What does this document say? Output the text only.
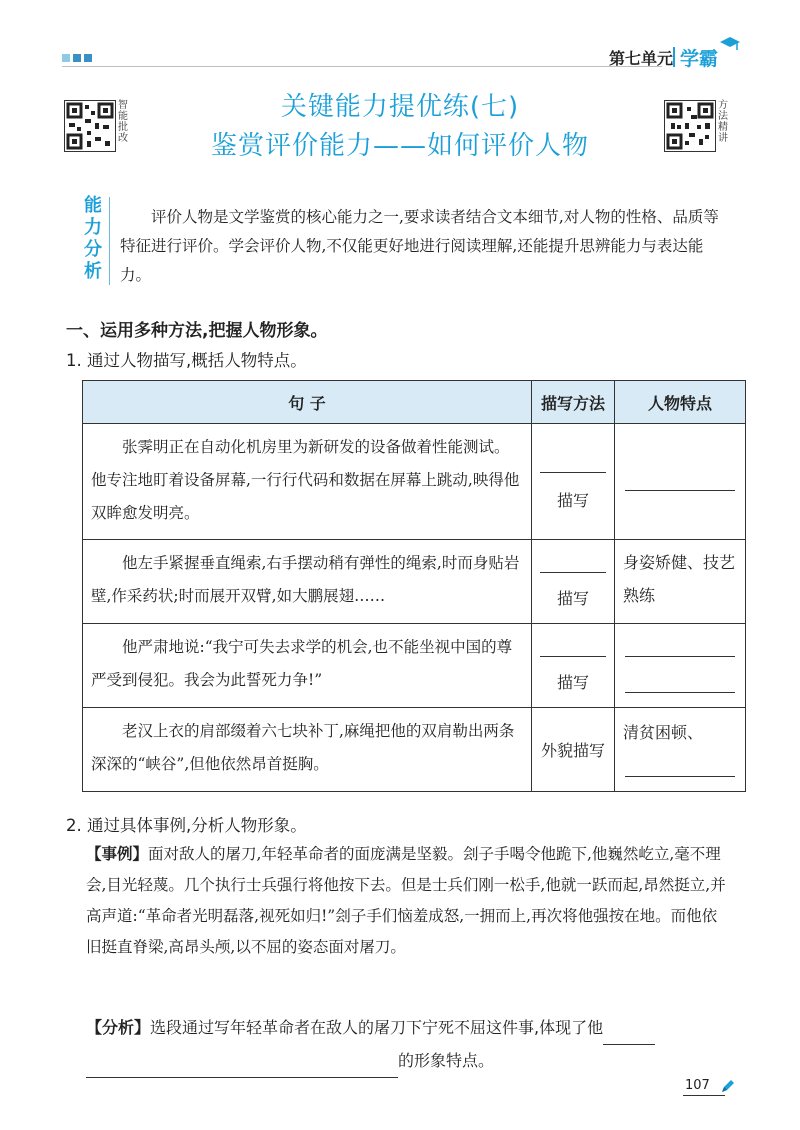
第七单元 学霸
智能批改
方法精讲
关键能力提优练(七)
鉴赏评价能力——如何评价人物
能力分析
评价人物是文学鉴赏的核心能力之一,要求读者结合文本细节,对人物的性格、品质等特征进行评价。学会评价人物,不仅能更好地进行阅读理解,还能提升思辨能力与表达能力。
一、运用多种方法,把握人物形象。
1. 通过人物描写,概括人物特点。
句 子	描写方法	人物特点
张霁明正在自动化机房里为新研发的设备做着性能测试。他专注地盯着设备屏幕,一行行代码和数据在屏幕上跳动,映得他双眸愈发明亮。	描写	

他左手紧握垂直绳索,右手摆动稍有弹性的绳索,时而身贴岩壁,作采药状;时而展开双臂,如大鹏展翅……	描写	身姿矫健、技艺熟练
他严肃地说:“我宁可失去求学的机会,也不能坐视中国的尊严受到侵犯。我会为此誓死力争!”	描写	

老汉上衣的肩部缀着六七块补丁,麻绳把他的双肩勒出两条深深的“峡谷”,但他依然昂首挺胸。	外貌描写	清贫困顿、
2. 通过具体事例,分析人物形象。
【事例】面对敌人的屠刀,年轻革命者的面庞满是坚毅。刽子手喝令他跪下,他巍然屹立,毫不理会,目光轻蔑。几个执行士兵强行将他按下去。但是士兵们刚一松手,他就一跃而起,昂然挺立,并高声道:“革命者光明磊落,视死如归!”刽子手们恼羞成怒,一拥而上,再次将他强按在地。而他依旧挺直脊梁,高昂头颅,以不屈的姿态面对屠刀。
【分析】选段通过写年轻革命者在敌人的屠刀下宁死不屈这件事,体现了他
的形象特点。
107
